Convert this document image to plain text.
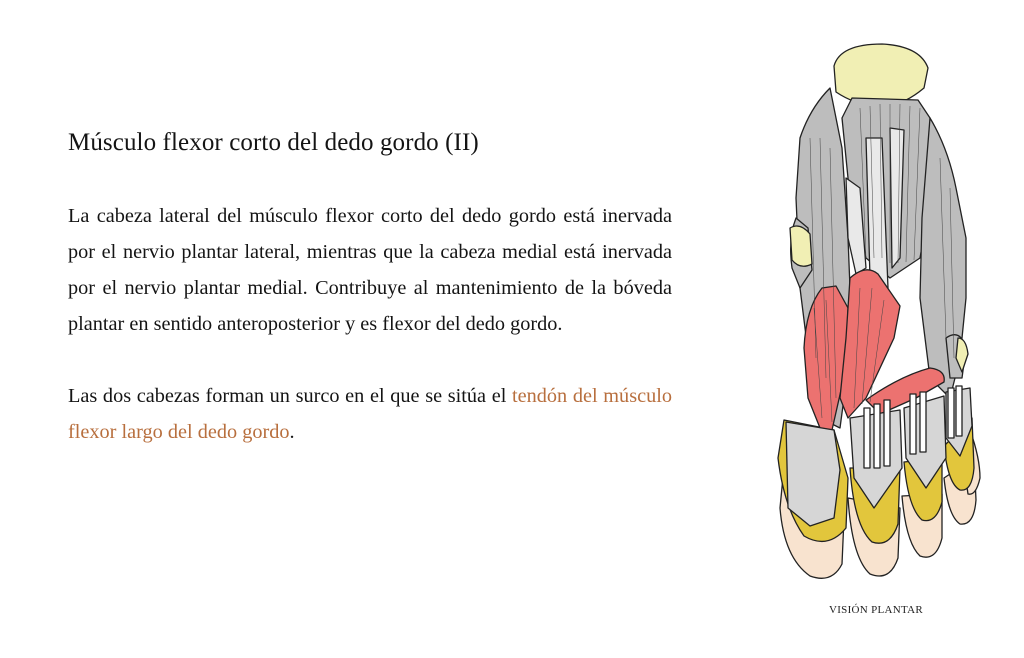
Músculo flexor corto del dedo gordo (II)

La cabeza lateral del músculo flexor corto del dedo gordo está inervada por el nervio plantar lateral, mientras que la cabeza medial está inervada por el nervio plantar medial. Contribuye al mantenimiento de la bóveda plantar en sentido anteroposterior y es flexor del dedo gordo.

Las dos cabezas forman un surco en el que se sitúa el tendón del músculo flexor largo del dedo gordo.

VISIÓN PLANTAR
